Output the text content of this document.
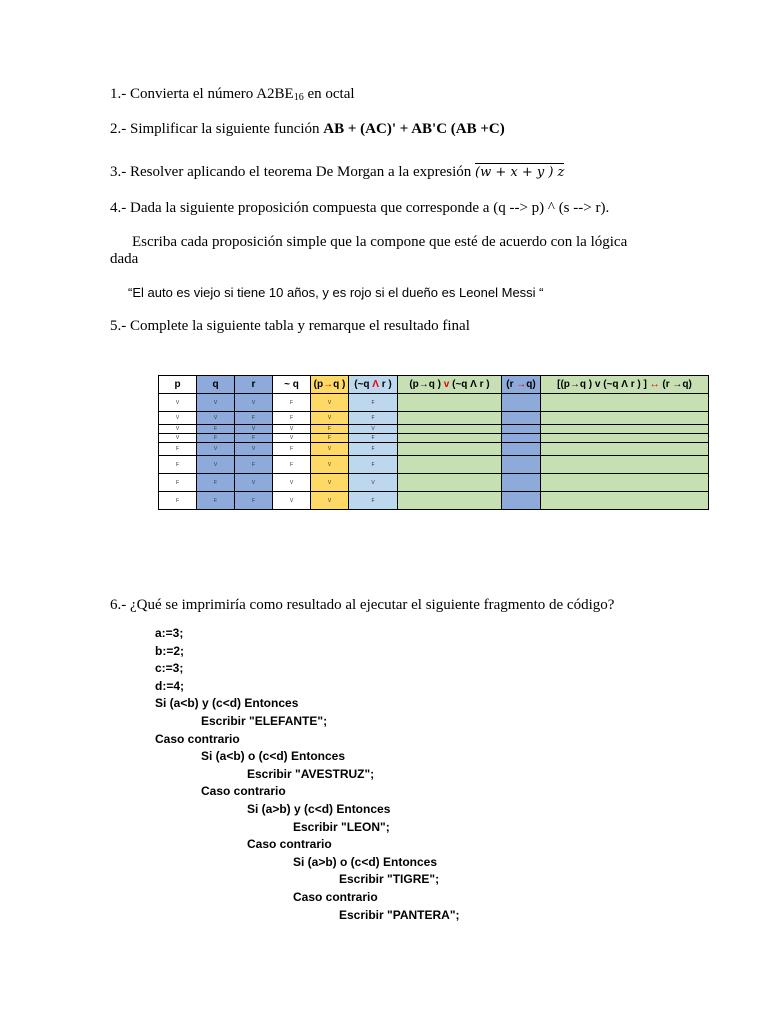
1.- Convierta el número $A2BE_{16}$ en octal
2.- Simplificar la siguiente función AB + (AC)' + AB'C (AB +C)
3.- Resolver aplicando el teorema De Morgan a la expresión (w + x + y ) z
4.- Dada la siguiente proposición compuesta que corresponde a (q --> p) ^ (s --> r).
Escriba cada proposición simple que la compone que esté de acuerdo con la lógica
dada
“El auto es viejo si tiene 10 años, y es rojo si el dueño es Leonel Messi “
5.- Complete la siguiente tabla y remarque el resultado final
p	q	r	~ q	(p→q )	(~q Λ r )	(p→q ) v (~q Λ r )	(r →q)	[(p→q ) v (~q Λ r ) ] ↔ (r →q)
V	V	V	F	V	F			
V	V	F	F	V	F			
V	F	V	V	F	V			
V	F	F	V	F	F			
F	V	V	F	V	F			
F	V	F	F	V	F			
F	F	V	V	V	V			
F	F	F	V	V	F			
6.- ¿Qué se imprimiría como resultado al ejecutar el siguiente fragmento de código?
a:=3;
b:=2;
c:=3;
d:=4;
Si (a<b) y (c<d) Entonces
Escribir "ELEFANTE";
Caso contrario
Si (a<b) o (c<d) Entonces
Escribir "AVESTRUZ";
Caso contrario
Si (a>b) y (c<d) Entonces
Escribir "LEON";
Caso contrario
Si (a>b) o (c<d) Entonces
Escribir "TIGRE";
Caso contrario
Escribir "PANTERA";
